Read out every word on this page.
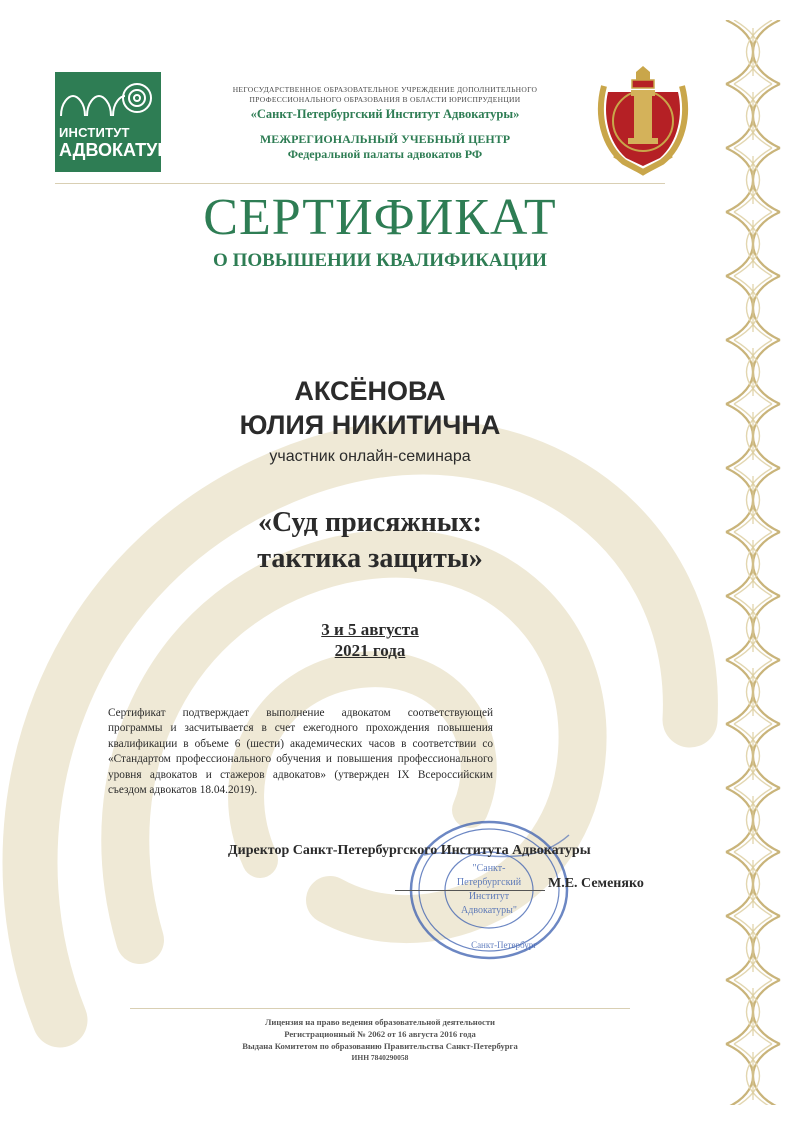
ИНСТИТУТ
АДВОКАТУРЫ
НЕГОСУДАРСТВЕННОЕ ОБРАЗОВАТЕЛЬНОЕ УЧРЕЖДЕНИЕ ДОПОЛНИТЕЛЬНОГО
ПРОФЕССИОНАЛЬНОГО ОБРАЗОВАНИЯ В ОБЛАСТИ ЮРИСПРУДЕНЦИИ
«Санкт-Петербургский Институт Адвокатуры»
МЕЖРЕГИОНАЛЬНЫЙ УЧЕБНЫЙ ЦЕНТР
Федеральной палаты адвокатов РФ
СЕРТИФИКАТ
О ПОВЫШЕНИИ КВАЛИФИКАЦИИ
АКСЁНОВА
ЮЛИЯ НИКИТИЧНА
участник онлайн-семинара
«Суд присяжных:
тактика защиты»
3 и 5 августа
2021 года
Сертификат подтверждает выполнение адвокатом соответствующей программы и засчитывается в счет ежегодного прохождения повышения квалификации в объеме 6 (шести) академических часов в соответствии со «Стандартом профессионального обучения и повышения профессионального уровня адвокатов и стажеров адвокатов» (утвержден IX Всероссийским съездом адвокатов 18.04.2019).
"Санкт-
Петербургский
Институт
Адвокатуры"
Санкт-Петербург
Директор Санкт-Петербургского Института Адвокатуры
М.Е. Семеняко
Лицензия на право ведения образовательной деятельности
Регистрационный № 2062 от 16 августа 2016 года
Выдана Комитетом по образованию Правительства Санкт-Петербурга
ИНН 7840290058
